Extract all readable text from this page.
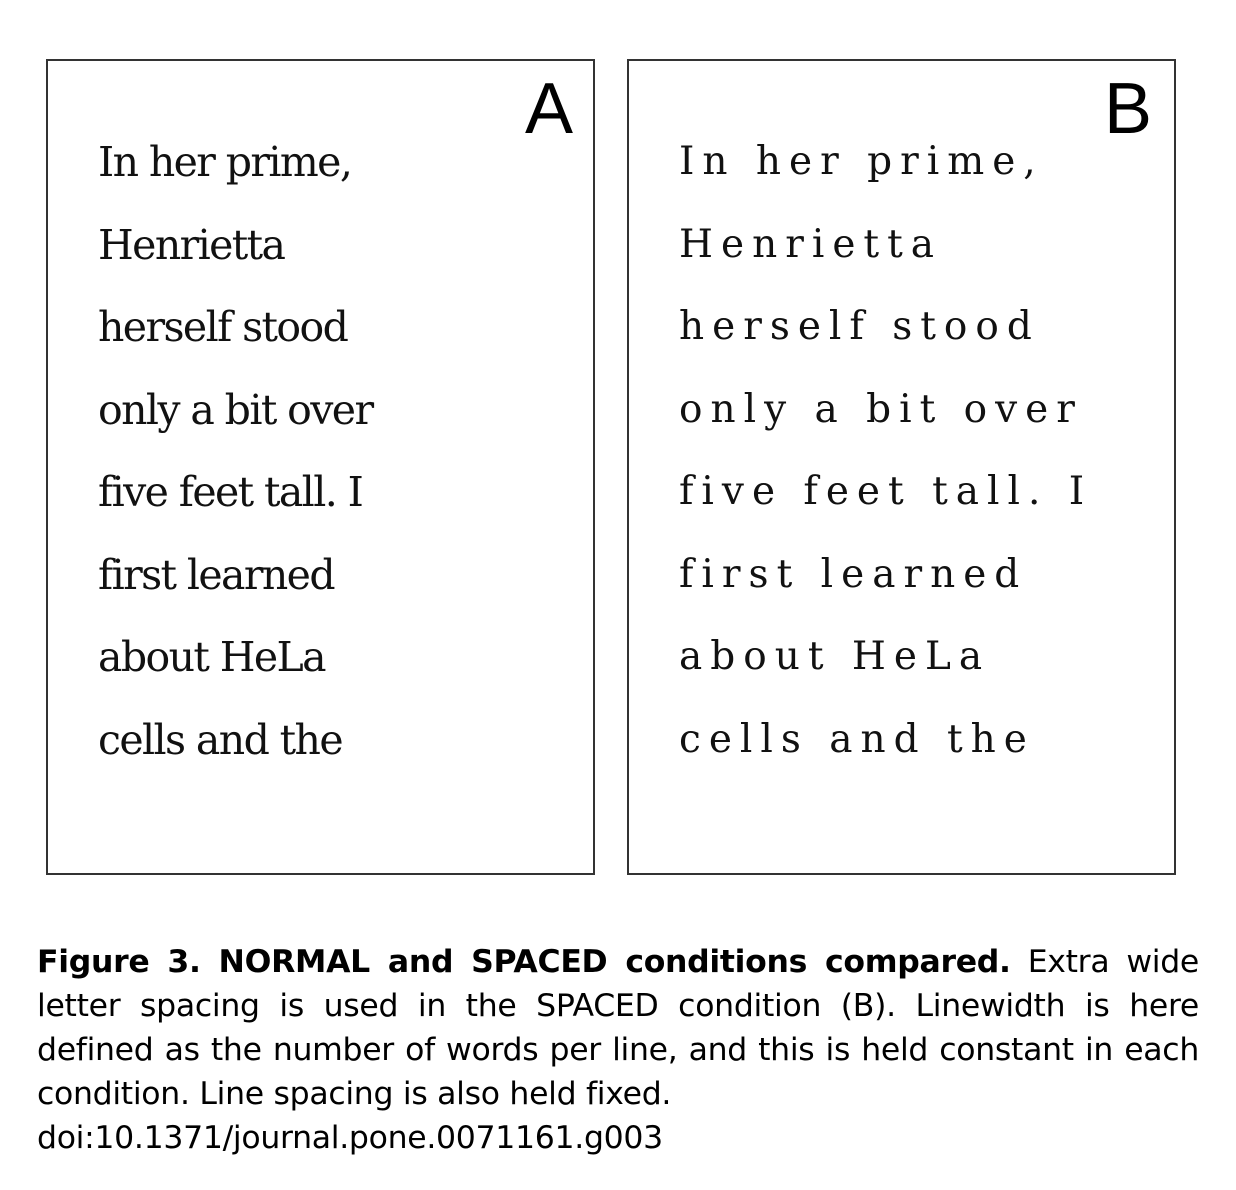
A
In her prime,
Henrietta
herself stood
only a bit over
five feet tall. I
first learned
about HeLa
cells and the
B
In her prime,
Henrietta
herself stood
only a bit over
five feet tall. I
first learned
about HeLa
cells and the

Figure 3. NORMAL and SPACED conditions compared. Extra wide letter spacing is used in the SPACED condition (B). Linewidth is here defined as the number of words per line, and this is held constant in each condition. Line spacing is also held fixed.

doi:10.1371/journal.pone.0071161.g003
